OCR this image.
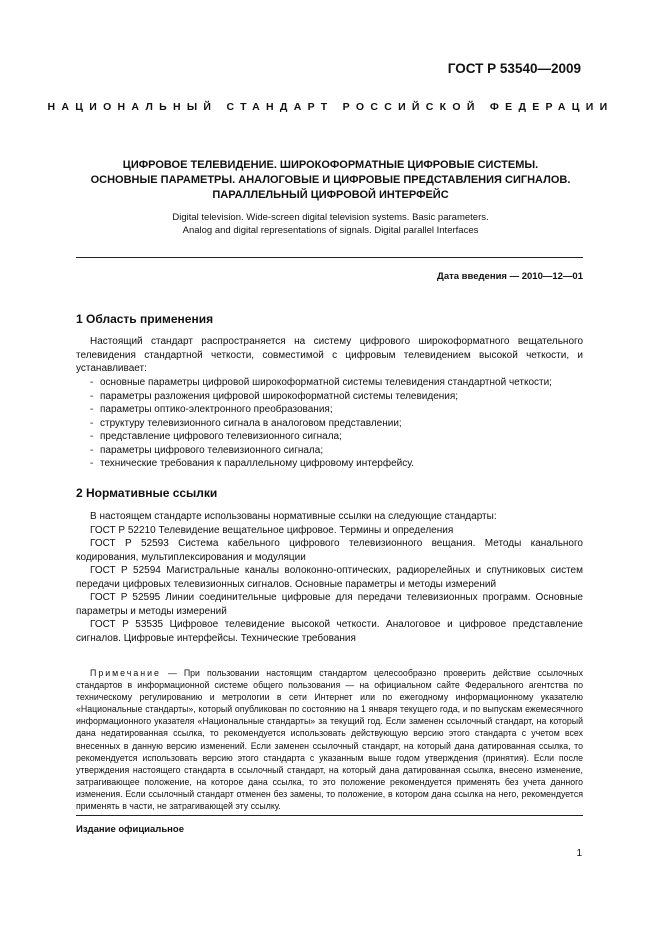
ГОСТ Р 53540—2009
НАЦИОНАЛЬНЫЙ СТАНДАРТ РОССИЙСКОЙ ФЕДЕРАЦИИ
ЦИФРОВОЕ ТЕЛЕВИДЕНИЕ. ШИРОКОФОРМАТНЫЕ ЦИФРОВЫЕ СИСТЕМЫ.
ОСНОВНЫЕ ПАРАМЕТРЫ. АНАЛОГОВЫЕ И ЦИФРОВЫЕ ПРЕДСТАВЛЕНИЯ СИГНАЛОВ.
ПАРАЛЛЕЛЬНЫЙ ЦИФРОВОЙ ИНТЕРФЕЙС
Digital television. Wide-screen digital television systems. Basic parameters.
Analog and digital representations of signals. Digital parallel Interfaces
Дата введения — 2010—12—01
1 Область применения

Настоящий стандарт распространяется на систему цифрового широкоформатного вещательного телевидения стандартной четкости, совместимой с цифровым телевидением высокой четкости, и устанавливает:

- основные параметры цифровой широкоформатной системы телевидения стандартной четкости;
- параметры разложения цифровой широкоформатной системы телевидения;
- параметры оптико-электронного преобразования;
- структуру телевизионного сигнала в аналоговом представлении;
- представление цифрового телевизионного сигнала;
- параметры цифрового телевизионного сигнала;
- технические требования к параллельному цифровому интерфейсу.
2 Нормативные ссылки

В настоящем стандарте использованы нормативные ссылки на следующие стандарты:

ГОСТ Р 52210 Телевидение вещательное цифровое. Термины и определения

ГОСТ Р 52593 Система кабельного цифрового телевизионного вещания. Методы канального кодирования, мультиплексирования и модуляции

ГОСТ Р 52594 Магистральные каналы волоконно-оптических, радиорелейных и спутниковых систем передачи цифровых телевизионных сигналов. Основные параметры и методы измерений

ГОСТ Р 52595 Линии соединительные цифровые для передачи телевизионных программ. Основные параметры и методы измерений

ГОСТ Р 53535 Цифровое телевидение высокой четкости. Аналоговое и цифровое представление сигналов. Цифровые интерфейсы. Технические требования

Примечание — При пользовании настоящим стандартом целесообразно проверить действие ссылочных стандартов в информационной системе общего пользования — на официальном сайте Федерального агентства по техническому регулированию и метрологии в сети Интернет или по ежегодному информационному указателю «Национальные стандарты», который опубликован по состоянию на 1 января текущего года, и по выпускам ежемесячного информационного указателя «Национальные стандарты» за текущий год. Если заменен ссылочный стандарт, на который дана недатированная ссылка, то рекомендуется использовать действующую версию этого стандарта с учетом всех внесенных в данную версию изменений. Если заменен ссылочный стандарт, на который дана датированная ссылка, то рекомендуется использовать версию этого стандарта с указанным выше годом утверждения (принятия). Если после утверждения настоящего стандарта в ссылочный стандарт, на который дана датированная ссылка, внесено изменение, затрагивающее положение, на которое дана ссылка, то это положение рекомендуется применять без учета данного изменения. Если ссылочный стандарт отменен без замены, то положение, в котором дана ссылка на него, рекомендуется применять в части, не затрагивающей эту ссылку.

Издание официальное
1
